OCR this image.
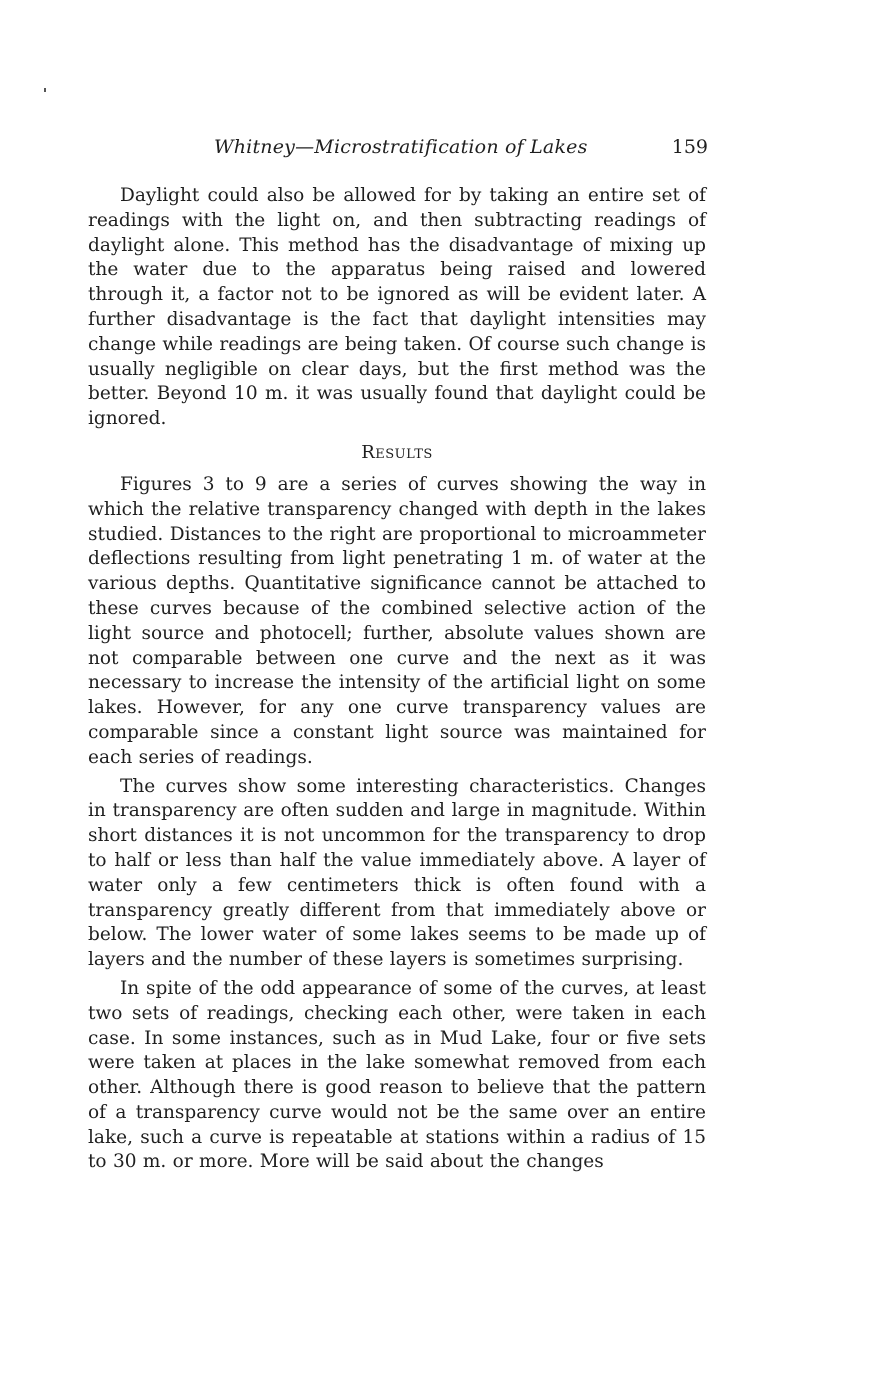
Whitney—Microstratification of Lakes	159

Daylight could also be allowed for by taking an entire set of readings with the light on, and then subtracting readings of daylight alone. This method has the disadvantage of mixing up the water due to the apparatus being raised and lowered through it, a factor not to be ignored as will be evident later. A further disadvantage is the fact that daylight intensities may change while readings are being taken. Of course such change is usually negligible on clear days, but the first method was the better. Beyond 10 m. it was usually found that daylight could be ignored.

Results

Figures 3 to 9 are a series of curves showing the way in which the relative transparency changed with depth in the lakes studied. Distances to the right are proportional to microammeter deflections resulting from light penetrating 1 m. of water at the various depths. Quantitative significance cannot be attached to these curves because of the combined selective action of the light source and photocell; further, absolute values shown are not comparable between one curve and the next as it was necessary to increase the intensity of the artificial light on some lakes. However, for any one curve transparency values are comparable since a constant light source was maintained for each series of readings.

The curves show some interesting characteristics. Changes in transparency are often sudden and large in magnitude. Within short distances it is not uncommon for the transparency to drop to half or less than half the value immediately above. A layer of water only a few centimeters thick is often found with a transparency greatly different from that immediately above or below. The lower water of some lakes seems to be made up of layers and the number of these layers is sometimes surprising.

In spite of the odd appearance of some of the curves, at least two sets of readings, checking each other, were taken in each case. In some instances, such as in Mud Lake, four or five sets were taken at places in the lake somewhat removed from each other. Although there is good reason to believe that the pattern of a transparency curve would not be the same over an entire lake, such a curve is repeatable at stations within a radius of 15 to 30 m. or more. More will be said about the changes
